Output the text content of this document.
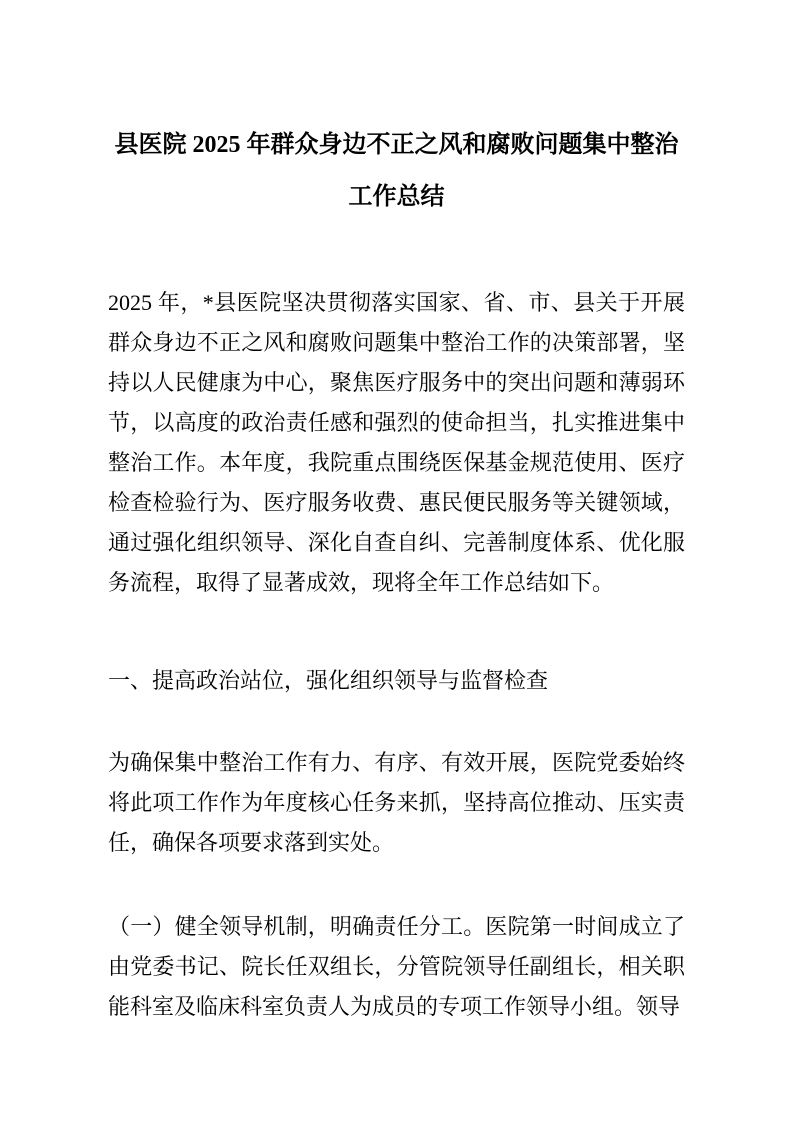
县医院 2025 年群众身边不正之风和腐败问题集中整治工作总结

2025 年，*县医院坚决贯彻落实国家、省、市、县关于开展群众身边不正之风和腐败问题集中整治工作的决策部署，坚持以人民健康为中心，聚焦医疗服务中的突出问题和薄弱环节，以高度的政治责任感和强烈的使命担当，扎实推进集中整治工作。本年度，我院重点围绕医保基金规范使用、医疗检查检验行为、医疗服务收费、惠民便民服务等关键领域，通过强化组织领导、深化自查自纠、完善制度体系、优化服务流程，取得了显著成效，现将全年工作总结如下。

一、提高政治站位，强化组织领导与监督检查

为确保集中整治工作有力、有序、有效开展，医院党委始终将此项工作作为年度核心任务来抓，坚持高位推动、压实责任，确保各项要求落到实处。

（一）健全领导机制，明确责任分工。医院第一时间成立了由党委书记、院长任双组长，分管院领导任副组长，相关职能科室及临床科室负责人为成员的专项工作领导小组。领导
